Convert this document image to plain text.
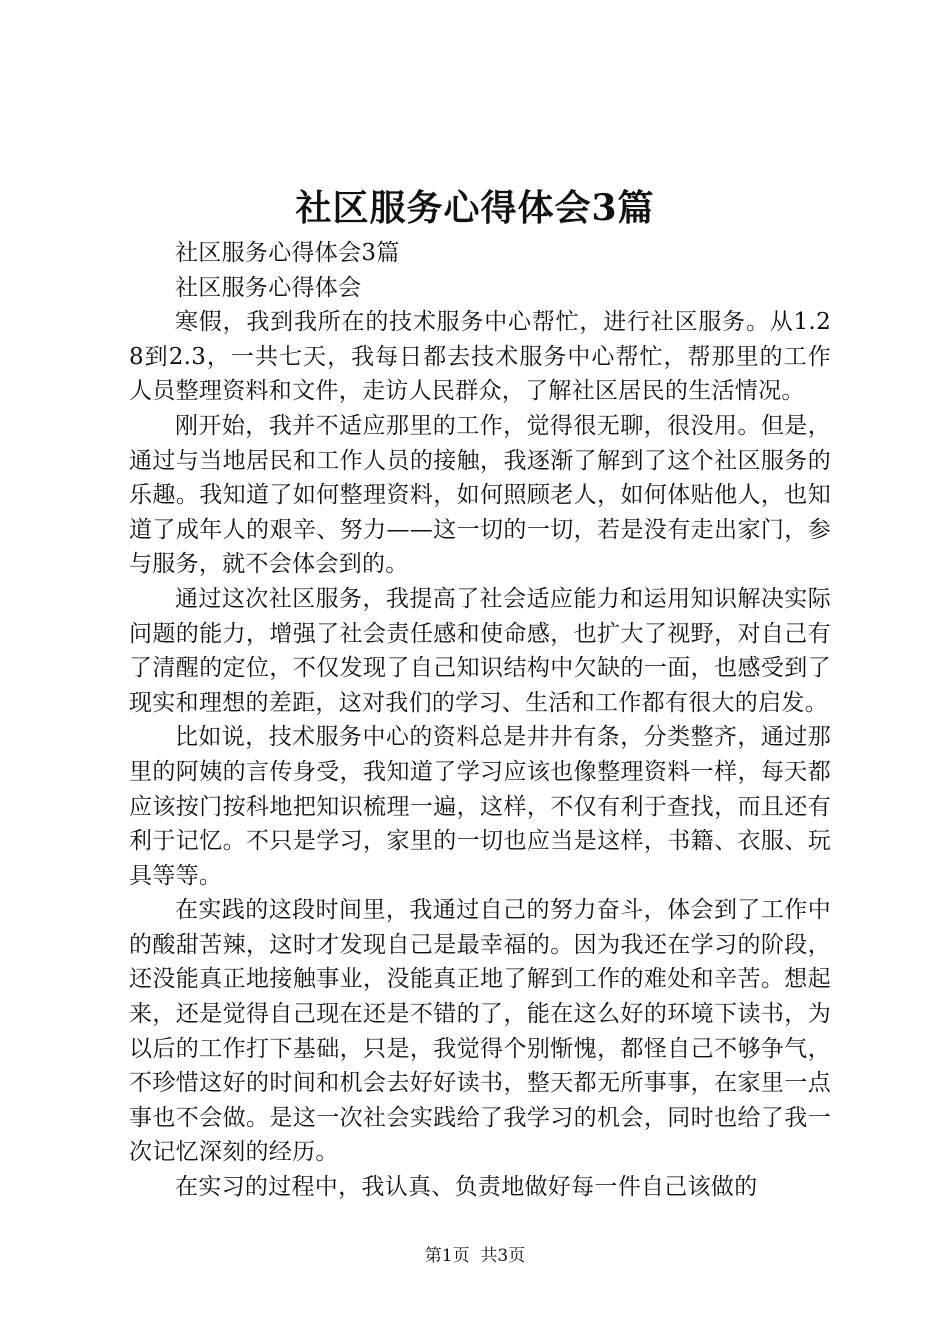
社区服务心得体会3篇

社区服务心得体会3篇

社区服务心得体会

寒假，我到我所在的技术服务中心帮忙，进行社区服务。从1.28到2.3，一共七天，我每日都去技术服务中心帮忙，帮那里的工作人员整理资料和文件，走访人民群众，了解社区居民的生活情况。

刚开始，我并不适应那里的工作，觉得很无聊，很没用。但是，通过与当地居民和工作人员的接触，我逐渐了解到了这个社区服务的乐趣。我知道了如何整理资料，如何照顾老人，如何体贴他人，也知道了成年人的艰辛、努力——这一切的一切，若是没有走出家门，参与服务，就不会体会到的。

通过这次社区服务，我提高了社会适应能力和运用知识解决实际问题的能力，增强了社会责任感和使命感，也扩大了视野，对自己有了清醒的定位，不仅发现了自己知识结构中欠缺的一面，也感受到了现实和理想的差距，这对我们的学习、生活和工作都有很大的启发。

比如说，技术服务中心的资料总是井井有条，分类整齐，通过那里的阿姨的言传身受，我知道了学习应该也像整理资料一样，每天都应该按门按科地把知识梳理一遍，这样，不仅有利于查找，而且还有利于记忆。不只是学习，家里的一切也应当是这样，书籍、衣服、玩具等等。

在实践的这段时间里，我通过自己的努力奋斗，体会到了工作中的酸甜苦辣，这时才发现自己是最幸福的。因为我还在学习的阶段，还没能真正地接触事业，没能真正地了解到工作的难处和辛苦。想起来，还是觉得自己现在还是不错的了，能在这么好的环境下读书，为以后的工作打下基础，只是，我觉得个别惭愧，都怪自己不够争气，不珍惜这好的时间和机会去好好读书，整天都无所事事，在家里一点事也不会做。是这一次社会实践给了我学习的机会，同时也给了我一次记忆深刻的经历。

在实习的过程中，我认真、负责地做好每一件自己该做的

第1页 共3页
